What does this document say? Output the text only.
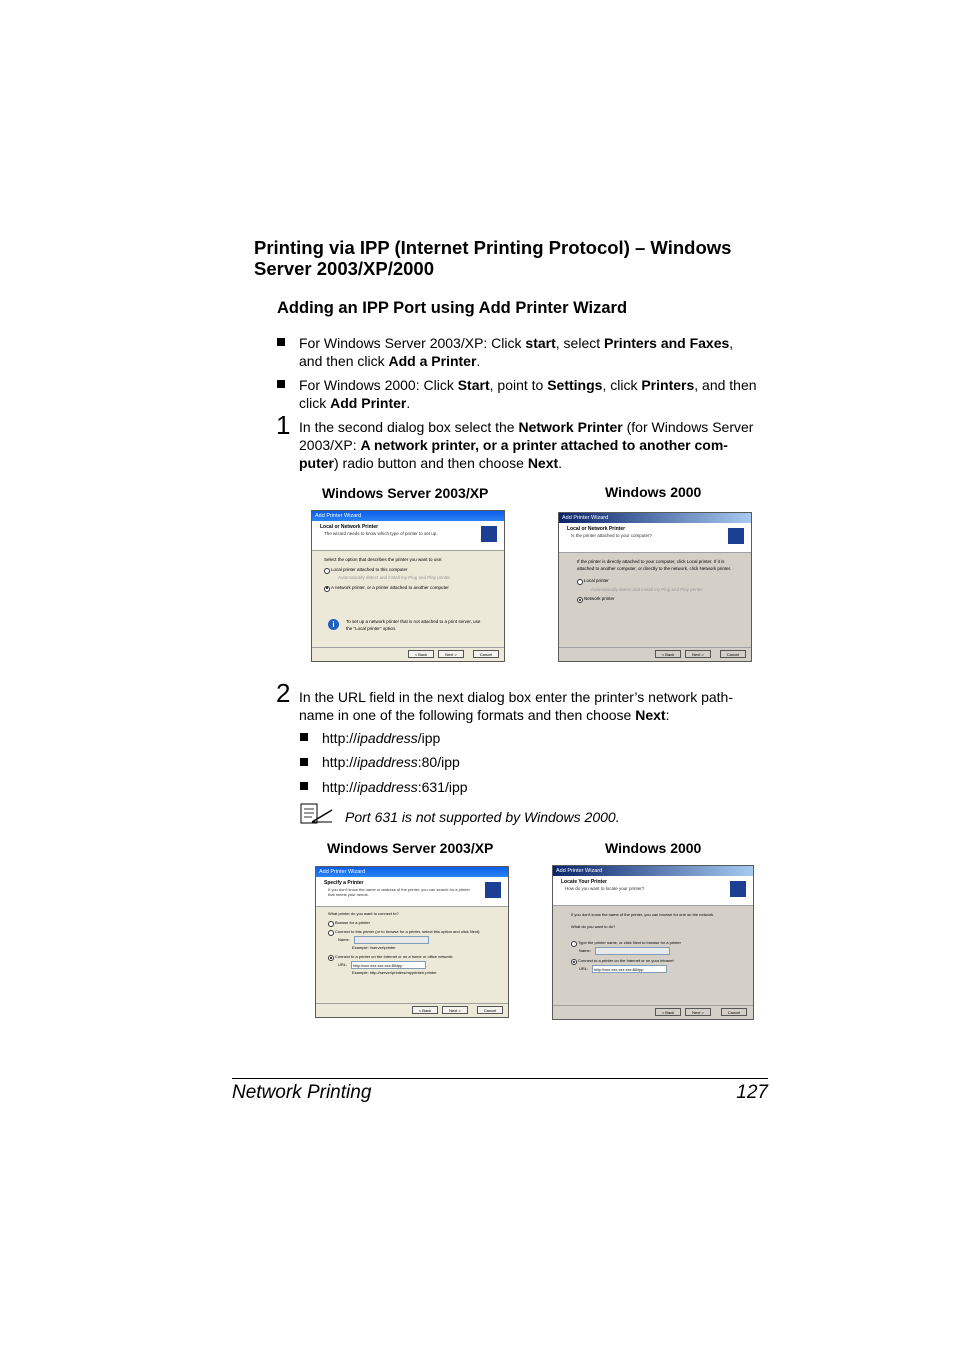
Printing via IPP (Internet Printing Protocol) – Windows Server 2003/XP/2000
Adding an IPP Port using Add Printer Wizard
For Windows Server 2003/XP: Click start, select Printers and Faxes,
and then click Add a Printer.
For Windows 2000: Click Start, point to Settings, click Printers, and then
click Add Printer.
1 In the second dialog box select the Network Printer (for Windows Server
2003/XP: A network printer, or a printer attached to another com-
puter) radio button and then choose Next.
Windows Server 2003/XP	Windows 2000
Add Printer Wizard
Local or Network Printer
The wizard needs to know which type of printer to set up.
Select the option that describes the printer you want to use:
Local printer attached to this computer
Automatically detect and install my Plug and Play printer
A network printer, or a printer attached to another computer
i	To set up a network printer that is not attached to a print server, use the "Local printer" option.
< Back	Next >	Cancel
Add Printer Wizard
Local or Network Printer
Is the printer attached to your computer?
If the printer is directly attached to your computer, click Local printer. If it is attached to another computer, or directly to the network, click Network printer.
Local printer
Automatically detect and install my Plug and Play printer
Network printer
< Back	Next >	Cancel
2 In the URL field in the next dialog box enter the printer’s network path-
name in one of the following formats and then choose Next:
http://ipaddress/ipp
http://ipaddress:80/ipp
http://ipaddress:631/ipp
Port 631 is not supported by Windows 2000.
Windows Server 2003/XP	Windows 2000
Add Printer Wizard
Specify a Printer
If you don't know the name or address of the printer, you can search for a printer that meets your needs.
What printer do you want to connect to?
Browse for a printer
Connect to this printer (or to browse for a printer, select this option and click Next):
Name:
Example: \\server\printer
Connect to a printer on the Internet or on a home or office network:
URL: http://xxx.xxx.xxx.xxx:80/ipp
Example: http://server/printers/myprinter/.printer
< Back	Next >	Cancel
Add Printer Wizard
Locate Your Printer
How do you want to locate your printer?
If you don't know the name of the printer, you can browse for one on the network.
What do you want to do?
Type the printer name, or click Next to browse for a printer
Name:
Connect to a printer on the Internet or on your intranet
URL: http://xxx.xxx.xxx.xxx:80/ipp
< Back	Next >	Cancel
Network Printing	127
